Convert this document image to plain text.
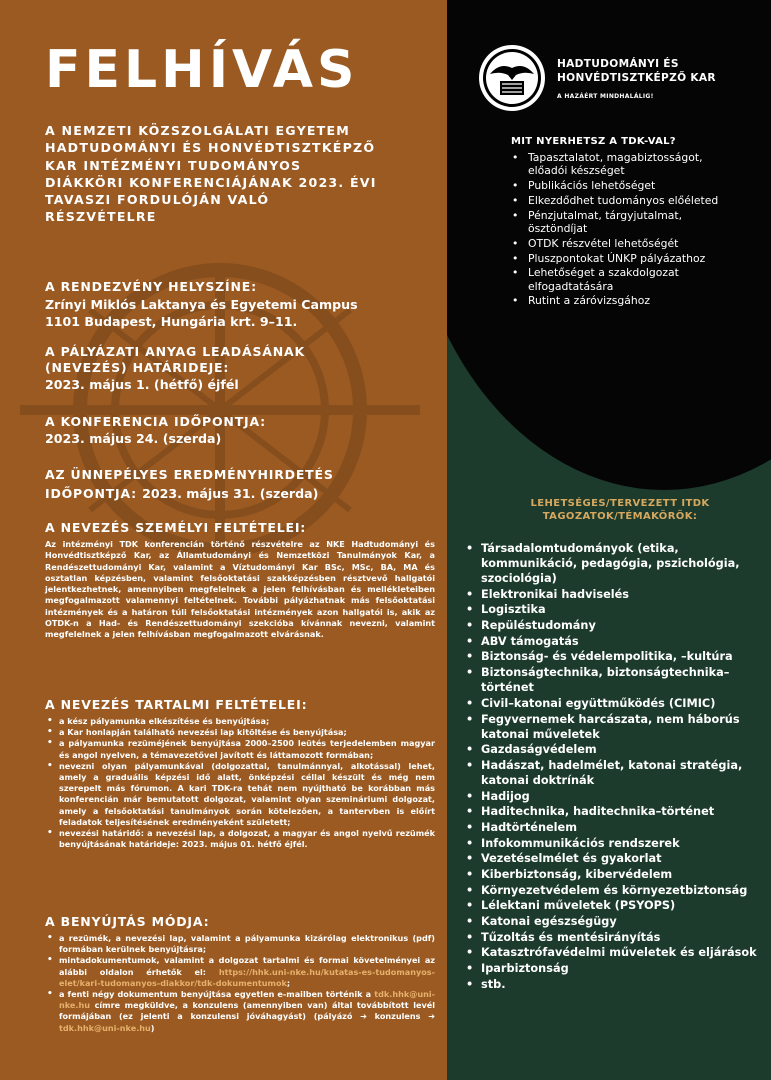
FELHÍVÁS
A NEMZETI KÖZSZOLGÁLATI EGYETEM HADTUDOMÁNYI ÉS HONVÉDTISZTKÉPZŐ KAR INTÉZMÉNYI TUDOMÁNYOS DIÁKKÖRI KONFERENCIÁJÁNAK 2023. ÉVI TAVASZI FORDULÓJÁN VALÓ RÉSZVÉTELRE
A RENDEZVÉNY HELYSZÍNE:
Zrínyi Miklós Laktanya és Egyetemi Campus
1101 Budapest, Hungária krt. 9–11.
A PÁLYÁZATI ANYAG LEADÁSÁNAK (NEVEZÉS) HATÁRIDEJE:
2023. május 1. (hétfő) éjfél
A KONFERENCIA IDŐPONTJA:
2023. május 24. (szerda)
AZ ÜNNEPÉLYES EREDMÉNYHIRDETÉS IDŐPONTJA: 2023. május 31. (szerda)
A NEVEZÉS SZEMÉLYI FELTÉTELEI:
Az intézményi TDK konferencián történő részvételre az NKE Hadtudományi és Honvédtisztképző Kar, az Államtudományi és Nemzetközi Tanulmányok Kar, a Rendészettudományi Kar, valamint a Víztudományi Kar BSc, MSc, BA, MA és osztatlan képzésben, valamint felsőoktatási szakképzésben résztvevő hallgatói jelentkezhetnek, amennyiben megfelelnek a jelen felhívásban és mellékleteiben megfogalmazott valamennyi feltételnek. További pályázhatnak más felsőoktatási intézmények és a határon túli felsőoktatási intézmények azon hallgatói is, akik az OTDK-n a Had- és Rendészettudományi szekcióba kívánnak nevezni, valamint megfelelnek a jelen felhívásban megfogalmazott elvárásnak.
A NEVEZÉS TARTALMI FELTÉTELEI:
• a kész pályamunka elkészítése és benyújtása;
• a Kar honlapján található nevezési lap kitöltése és benyújtása;
• a pályamunka rezüméjének benyújtása 2000–2500 leütés terjedelemben magyar és angol nyelven, a témavezetővel javított és láttamozott formában;
• nevezni olyan pályamunkával (dolgozattal, tanulmánnyal, alkotással) lehet, amely a graduális képzési idő alatt, önképzési céllal készült és még nem szerepelt más fórumon. A kari TDK-ra tehát nem nyújtható be korábban más konferencián már bemutatott dolgozat, valamint olyan szemináriumi dolgozat, amely a felsőoktatási tanulmányok során kötelezően, a tantervben is előírt feladatok teljesítésének eredményeként született;
• nevezési határidő: a nevezési lap, a dolgozat, a magyar és angol nyelvű rezümék benyújtásának határideje: 2023. május 01. hétfő éjfél.
A BENYÚJTÁS MÓDJA:
• a rezümék, a nevezési lap, valamint a pályamunka kizárólag elektronikus (pdf) formában kerülnek benyújtásra;
• mintadokumentumok, valamint a dolgozat tartalmi és formai követelményei az alábbi oldalon érhetők el: https://hhk.uni-nke.hu/kutatas-es-tudomanyos-elet/kari-tudomanyos-diakkor/tdk-dokumentumok;
• a fenti négy dokumentum benyújtása egyetlen e-mailben történik a tdk.hhk@uni-nke.hu címre megküldve, a konzulens (amennyiben van) által továbbított levél formájában (ez jelenti a konzulensi jóváhagyást) (pályázó ➔ konzulens ➔ tdk.hhk@uni-nke.hu)
HADTUDOMÁNYI ÉS HONVÉDTISZTKÉPZŐ KAR
A HAZÁÉRT MINDHALÁLIG!
MIT NYERHETSZ A TDK-VAL?
• Tapasztalatot, magabiztosságot, előadói készséget
• Publikációs lehetőséget
• Elkezdődhet tudományos előéleted
• Pénzjutalmat, tárgyjutalmat, ösztöndíjat
• OTDK részvétel lehetőségét
• Pluszpontokat ÚNKP pályázathoz
• Lehetőséget a szakdolgozat elfogadtatására
• Rutint a záróvizsgához
LEHETSÉGES/TERVEZETT ITDK TAGOZATOK/TÉMAKÖRÖK:
• Társadalomtudományok (etika, kommunikáció, pedagógia, pszichológia, szociológia)
• Elektronikai hadviselés
• Logisztika
• Repüléstudomány
• ABV támogatás
• Biztonság- és védelempolitika, –kultúra
• Biztonságtechnika, biztonságtechnika–történet
• Civil–katonai együttműködés (CIMIC)
• Fegyvernemek harcászata, nem háborús katonai műveletek
• Gazdaságvédelem
• Hadászat, hadelmélet, katonai stratégia, katonai doktrínák
• Hadijog
• Haditechnika, haditechnika–történet
• Hadtörténelem
• Infokommunikációs rendszerek
• Vezetéselmélet és gyakorlat
• Kiberbiztonság, kibervédelem
• Környezetvédelem és környezetbiztonság
• Lélektani műveletek (PSYOPS)
• Katonai egészségügy
• Tűzoltás és mentésirányítás
• Katasztrófavédelmi műveletek és eljárások
• Iparbiztonság
• stb.
